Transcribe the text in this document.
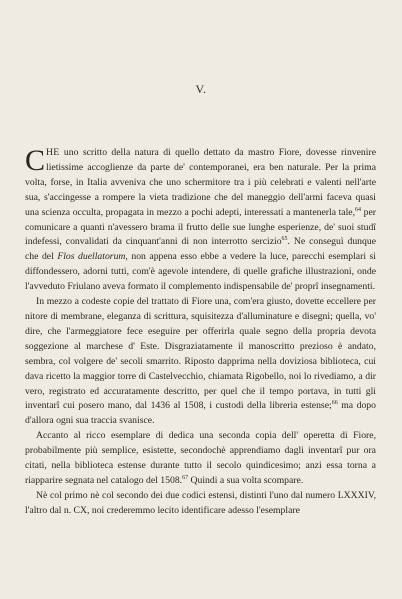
V.

CHE uno scritto della natura di quello dettato da mastro Fiore, dovesse rinvenire lietissime accoglienze da parte de' contemporanei, era ben naturale. Per la prima volta, forse, in Italia avveniva che uno schermitore tra i più celebrati e valenti nell'arte sua, s'accingesse a rompere la vieta tradizione che del maneggio dell'armi faceva quasi una scienza occulta, propagata in mezzo a pochi adepti, interessati a mantenerla tale,$^{64}$ per comunicare a quanti n'avessero brama il frutto delle sue lunghe esperienze, de' suoi studî indefessi, convalidati da cinquant'anni di non interrotto sercizio$^{65}$. Ne conseguì dunque che del Flos duellatorum, non appena esso ebbe a vedere la luce, parecchi esemplari si diffondessero, adorni tutti, com'è agevole intendere, di quelle grafiche illustrazioni, onde l'avveduto Friulano aveva formato il complemento indispensabile de' proprî insegnamenti.

In mezzo a codeste copie del trattato di Fiore una, com'era giusto, dovette eccellere per nitore di membrane, eleganza di scrittura, squisitezza d'alluminature e disegni; quella, vo' dire, che l'armeggiatore fece eseguire per offerirla quale segno della propria devota soggezione al marchese d' Este. Disgraziatamente il manoscritto prezioso è andato, sembra, col volgere de' secoli smarrito. Riposto dapprima nella doviziosa biblioteca, cui dava ricetto la maggior torre di Castelvecchio, chiamata Rigobello, noi lo rivediamo, a dir vero, registrato ed accuratamente descritto, per quel che il tempo portava, in tutti gli inventarî cui posero mano, dal 1436 al 1508, i custodi della libreria estense;$^{66}$ ma dopo d'allora ogni sua traccia svanisce.

Accanto al ricco esemplare di dedica una seconda copia dell' operetta di Fiore, probabilmente più semplice, esistette, secondochè apprendiamo dagli inventarî pur ora citati, nella biblioteca estense durante tutto il secolo quindicesimo; anzi essa torna a riapparire segnata nel catalogo del 1508.67 Quindi a sua volta scompare.

Nè col primo nè col secondo dei due codici estensi, distinti l'uno dal numero LXXXIV, l'altro dal n. CX, noi crederemmo lecito identificare adesso l'esemplare
